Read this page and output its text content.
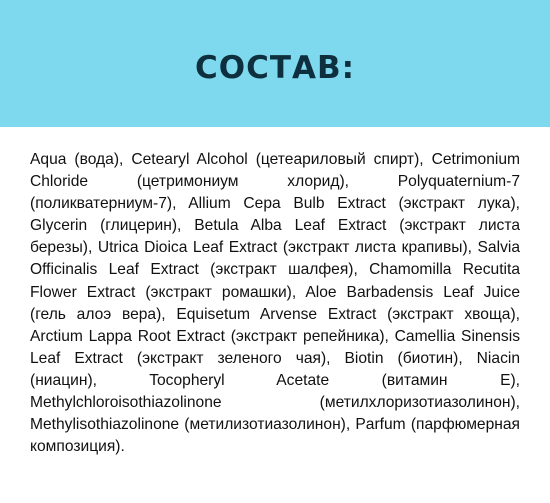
СОСТАВ:

Aqua (вода), Cetearyl Alcohol (цетеариловый спирт), Cetrimonium Chloride (цетримониум хлорид), Polyquaternium-7 (поликватерниум-7), Allium Cepa Bulb Extract (экстракт лука), Glycerin (глицерин), Betula Alba Leaf Extract (экстракт листа березы), Utrica Dioica Leaf Extract (экстракт листа крапивы), Salvia Officinalis Leaf Extract (экстракт шалфея), Chamomilla Recutita Flower Extract (экстракт ромашки), Aloe Barbadensis Leaf Juice (гель алоэ вера), Equisetum Arvense Extract (экстракт хвоща), Arctium Lappa Root Extract (экстракт репейника), Camellia Sinensis Leaf Extract (экстракт зеленого чая), Biotin (биотин), Niacin (ниацин), Tocopheryl Acetate (витамин E), Methylchloroisothiazolinone (метилхлоризотиазолинон), Methylisothiazolinone (метилизотиазолинон), Parfum (парфюмерная композиция).
